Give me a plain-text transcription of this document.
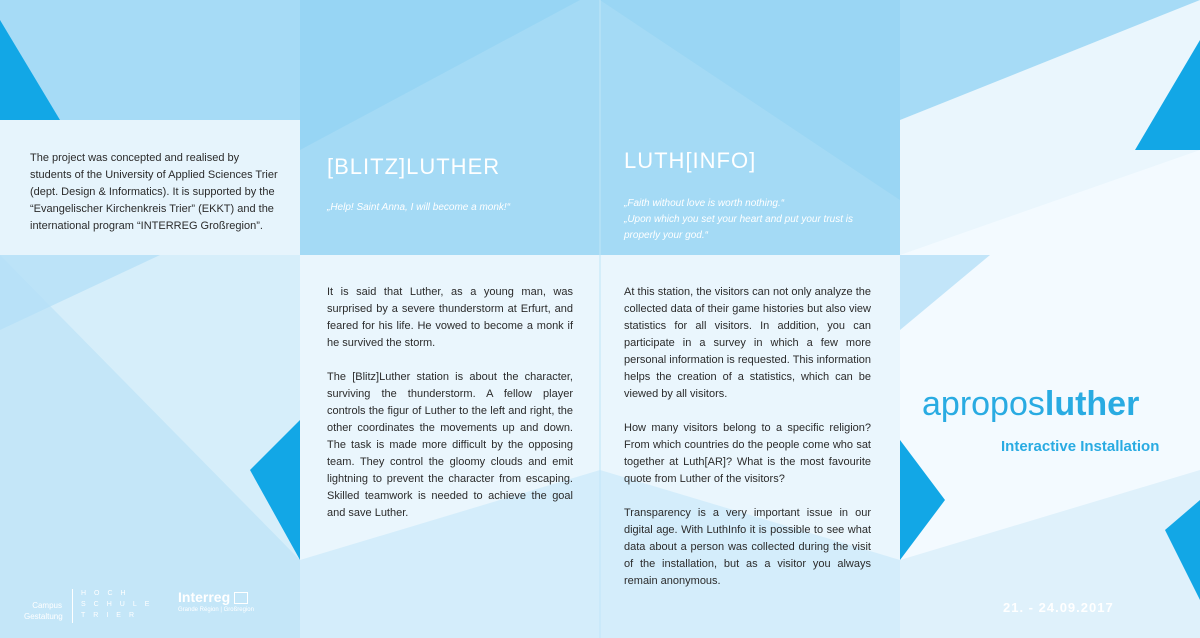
The project was concepted and realised by students of the University of Applied Sciences Trier (dept. Design & Informatics). It is supported by the “Evangelischer Kirchenkreis Trier” (EKKT) and the international program “INTERREG Großregion”.

[BLITZ]LUTHER
„Help! Saint Anna, I will become a monk!“

It is said that Luther, as a young man, was surprised by a severe thunderstorm at Erfurt, and feared for his life. He vowed to become a monk if he survived the storm.

The [Blitz]Luther station is about the character, surviving the thunderstorm. A fellow player controls the figur of Luther to the left and right, the other coordinates the movements up and down. The task is made more difficult by the opposing team. They control the gloomy clouds and emit lightning to prevent the character from escaping. Skilled teamwork is needed to achieve the goal and save Luther.

LUTH[INFO]
„Faith without love is worth nothing.“
„Upon which you set your heart and put your trust is properly your god.“

At this station, the visitors can not only analyze the collected data of their game histories but also view statistics for all visitors. In addition, you can participate in a survey in which a few more personal information is requested. This information helps the creation of a statistics, which can be viewed by all visitors.

How many visitors belong to a specific religion? From which countries do the people come who sat together at Luth[AR]? What is the most favourite quote from Luther of the visitors?

Transparency is a very important issue in our digital age. With LuthInfo it is possible to see what data about a person was collected during the visit of the installation, but as a visitor you always remain anonymous.

aproposluther
Interactive Installation
21. - 24.09.2017
Campus Gestaltung
HOCH
SCHULE
TRIER
Interreg
Grande Région | Großregion
